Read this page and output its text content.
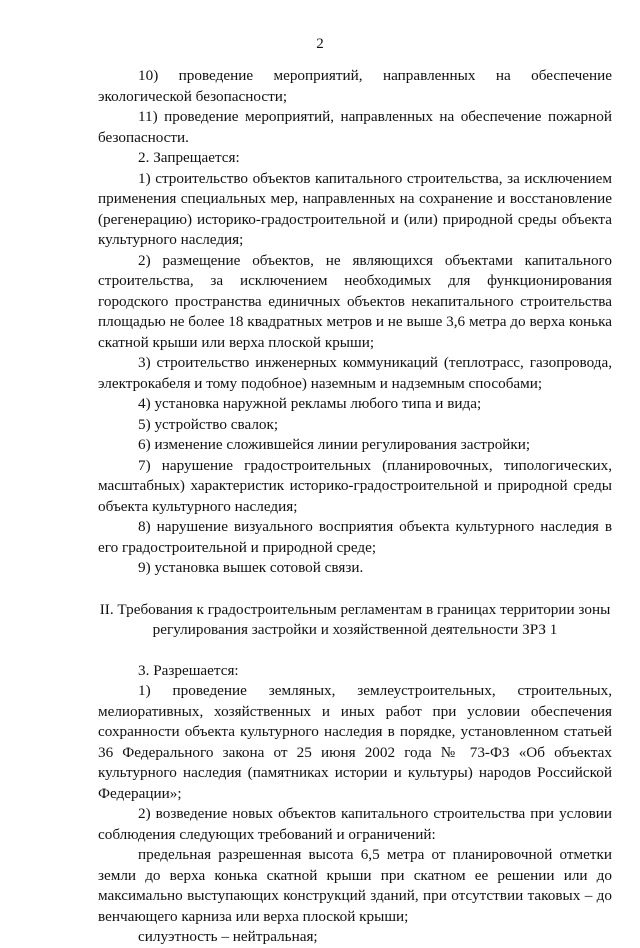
2

10) проведение мероприятий, направленных на обеспечение экологической безопасности;

11) проведение мероприятий, направленных на обеспечение пожарной безопасности.

2. Запрещается:

1) строительство объектов капитального строительства, за исключением применения специальных мер, направленных на сохранение и восстановление (регенерацию) историко-градостроительной и (или) природной среды объекта культурного наследия;

2) размещение объектов, не являющихся объектами капитального строительства, за исключением необходимых для функционирования городского пространства единичных объектов некапитального строительства площадью не более 18 квадратных метров и не выше 3,6 метра до верха конька скатной крыши или верха плоской крыши;

3) строительство инженерных коммуникаций (теплотрасс, газопровода, электрокабеля и тому подобное) наземным и надземным способами;

4) установка наружной рекламы любого типа и вида;

5) устройство свалок;

6) изменение сложившейся линии регулирования застройки;

7) нарушение градостроительных (планировочных, типологических, масштабных) характеристик историко-градостроительной и природной среды объекта культурного наследия;

8) нарушение визуального восприятия объекта культурного наследия в его градостроительной и природной среде;

9) установка вышек сотовой связи.

II. Требования к градостроительным регламентам в границах территории зоны регулирования застройки и хозяйственной деятельности ЗРЗ 1

3. Разрешается:

1) проведение земляных, землеустроительных, строительных, мелиоративных, хозяйственных и иных работ при условии обеспечения сохранности объекта культурного наследия в порядке, установленном статьей 36 Федерального закона от 25 июня 2002 года № 73-ФЗ «Об объектах культурного наследия (памятниках истории и культуры) народов Российской Федерации»;

2) возведение новых объектов капитального строительства при условии соблюдения следующих требований и ограничений:

предельная разрешенная высота 6,5 метра от планировочной отметки земли до верха конька скатной крыши при скатном ее решении или до максимально выступающих конструкций зданий, при отсутствии таковых – до венчающего карниза или верха плоской крыши;

силуэтность – нейтральная;
